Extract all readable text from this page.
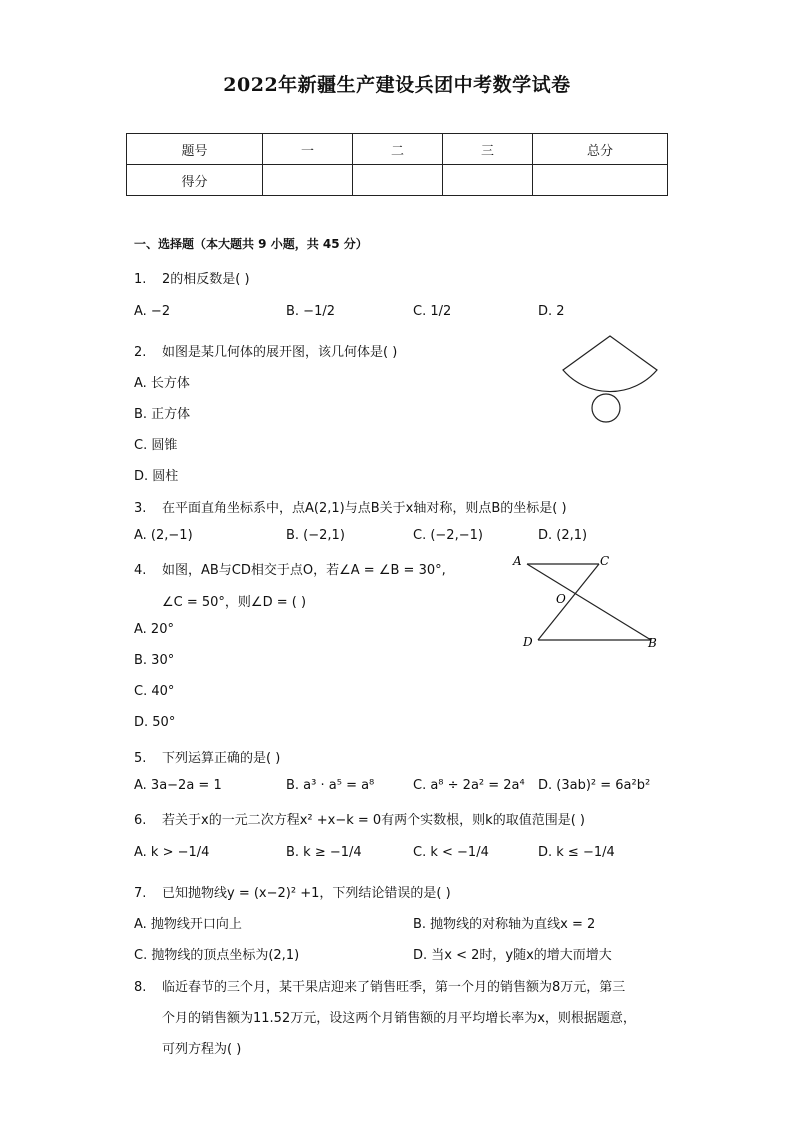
2022年新疆生产建设兵团中考数学试卷
题号	一	二	三	总分
得分				
一、选择题（本大题共 9 小题，共 45 分）
1. 2的相反数是( )
A. −2	B. −1/2	C. 1/2	D. 2
2. 如图是某几何体的展开图，该几何体是( )
A. 长方体
B. 正方体
C. 圆锥
D. 圆柱
3. 在平面直角坐标系中，点A(2,1)与点B关于x轴对称，则点B的坐标是( )
A. (2,−1)	B. (−2,1)	C. (−2,−1)	D. (2,1)
4. 如图，AB与CD相交于点O，若∠A = ∠B = 30°,
∠C = 50°，则∠D = ( )
A. 20°
B. 30°
C. 40°
D. 50°
A	C
O
D	B
5. 下列运算正确的是( )
A. 3a−2a = 1	B. a³ · a⁵ = a⁸	C. a⁸ ÷ 2a² = 2a⁴ D. (3ab)² = 6a²b²
6. 若关于x的一元二次方程x² +x−k = 0有两个实数根，则k的取值范围是( )
A. k > −1/4	B. k ≥ −1/4	C. k < −1/4	D. k ≤ −1/4
7. 已知抛物线y = (x−2)² +1，下列结论错误的是( )
A. 抛物线开口向上	B. 抛物线的对称轴为直线x = 2
C. 抛物线的顶点坐标为(2,1)	D. 当x < 2时，y随x的增大而增大
8. 临近春节的三个月，某干果店迎来了销售旺季，第一个月的销售额为8万元，第三
个月的销售额为11.52万元，设这两个月销售额的月平均增长率为x，则根据题意，
可列方程为( )
